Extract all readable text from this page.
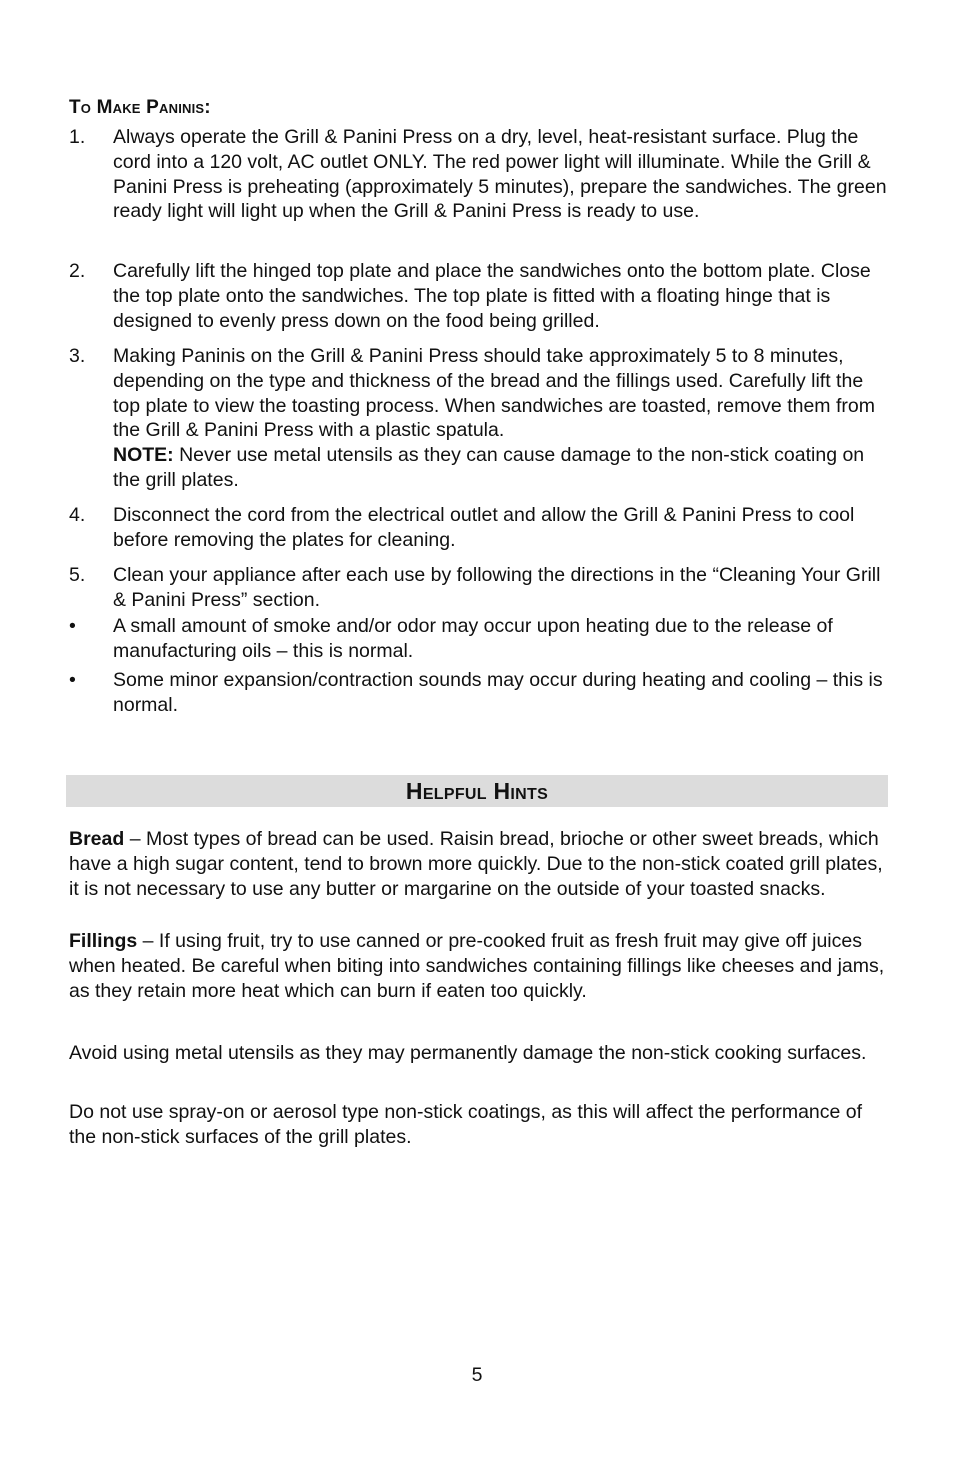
To Make Paninis:

1. Always operate the Grill & Panini Press on a dry, level, heat-resistant surface. Plug the cord into a 120 volt, AC outlet ONLY. The red power light will illuminate. While the Grill & Panini Press is preheating (approximately 5 minutes), prepare the sandwiches. The green ready light will light up when the Grill & Panini Press is ready to use.

2. Carefully lift the hinged top plate and place the sandwiches onto the bottom plate. Close the top plate onto the sandwiches. The top plate is fitted with a floating hinge that is designed to evenly press down on the food being grilled.

3. Making Paninis on the Grill & Panini Press should take approximately 5 to 8 minutes, depending on the type and thickness of the bread and the fillings used. Carefully lift the top plate to view the toasting process. When sandwiches are toasted, remove them from the Grill & Panini Press with a plastic spatula.
NOTE: Never use metal utensils as they can cause damage to the non-stick coating on the grill plates.

4. Disconnect the cord from the electrical outlet and allow the Grill & Panini Press to cool before removing the plates for cleaning.

5. Clean your appliance after each use by following the directions in the “Cleaning Your Grill & Panini Press” section.

• A small amount of smoke and/or odor may occur upon heating due to the release of manufacturing oils – this is normal.

• Some minor expansion/contraction sounds may occur during heating and cooling – this is normal.

Helpful Hints

Bread – Most types of bread can be used. Raisin bread, brioche or other sweet breads, which have a high sugar content, tend to brown more quickly. Due to the non-stick coated grill plates, it is not necessary to use any butter or margarine on the outside of your toasted snacks.

Fillings – If using fruit, try to use canned or pre-cooked fruit as fresh fruit may give off juices when heated. Be careful when biting into sandwiches containing fillings like cheeses and jams, as they retain more heat which can burn if eaten too quickly.

Avoid using metal utensils as they may permanently damage the non-stick cooking surfaces.

Do not use spray-on or aerosol type non-stick coatings, as this will affect the performance of the non-stick surfaces of the grill plates.

5
